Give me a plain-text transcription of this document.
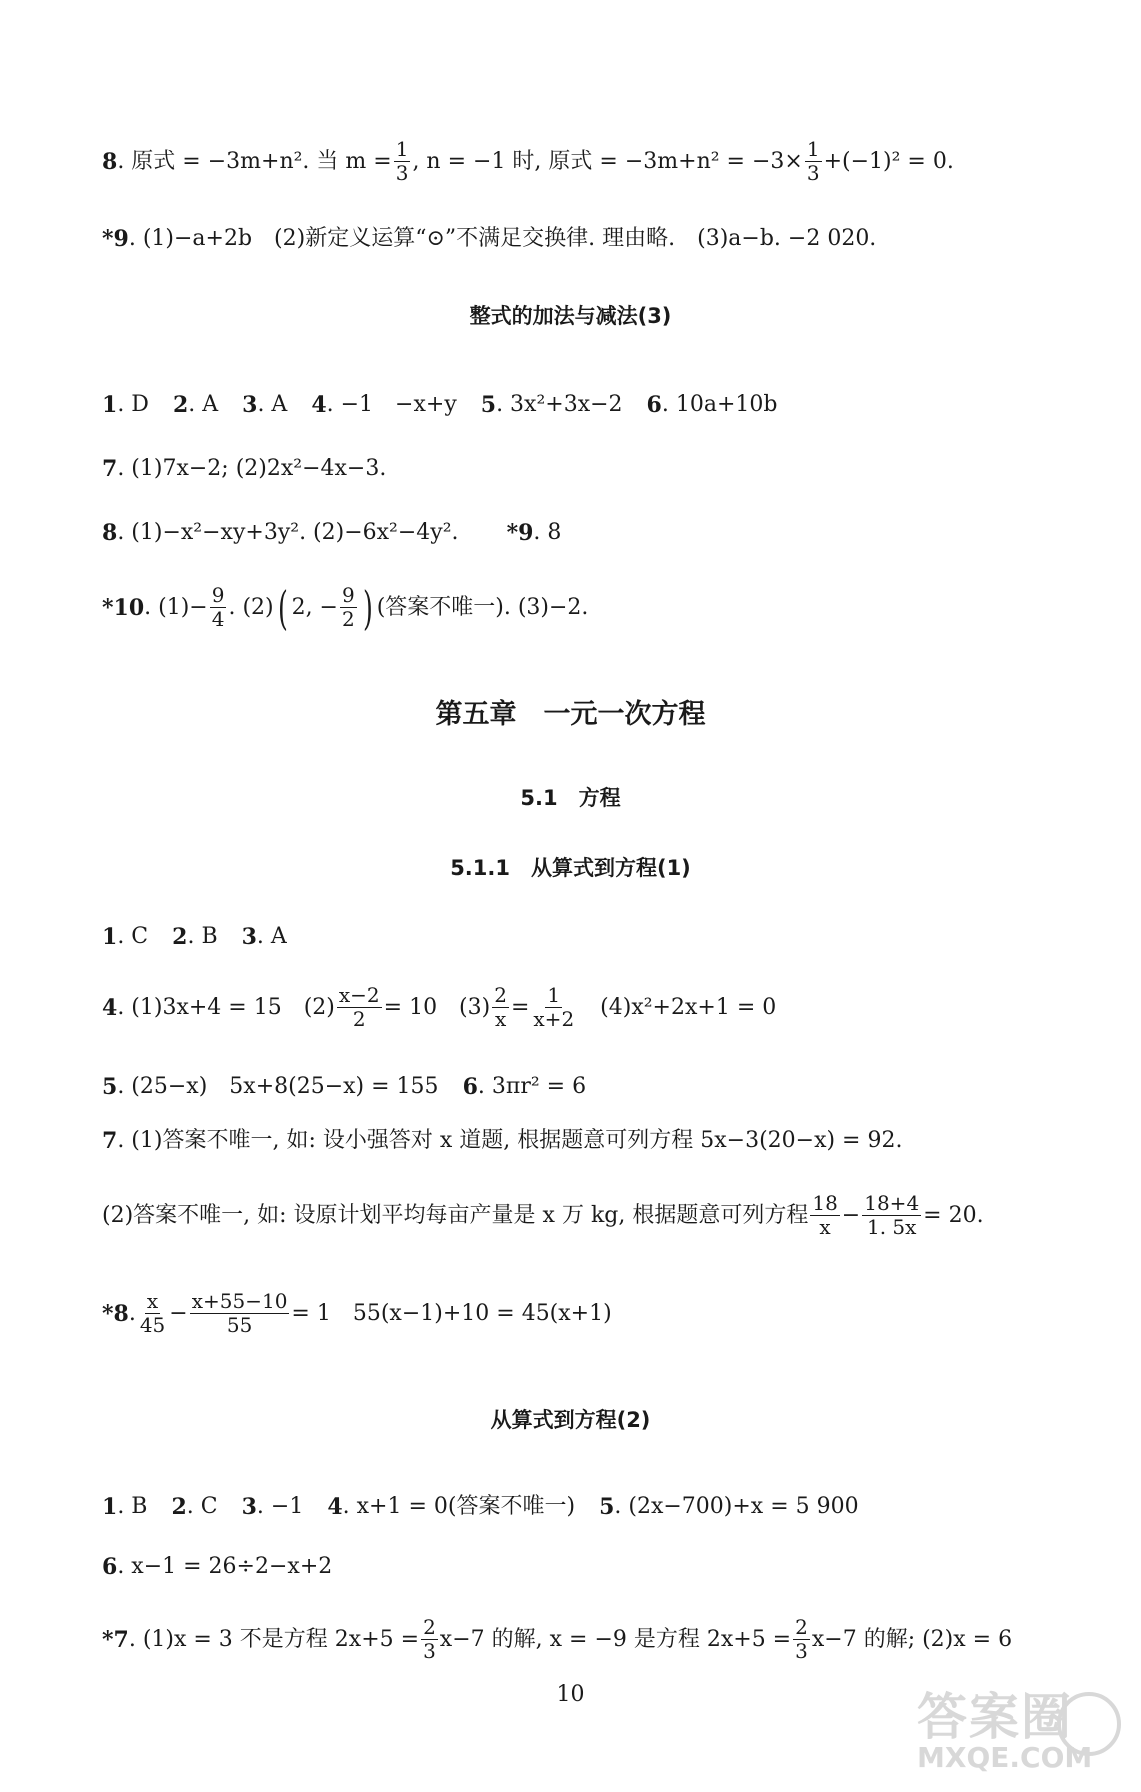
8 . 原式 = −3m+n². 当 $m = \frac{1}{3}$ , n = −1 时, 原式 = $-3m+n^2 = -3\times \frac{1}{3} +(-1)^2 = 0$.
* 9 . (1)−a+2b　(2)新定义运算“⊙”不满足交换律. 理由略.　(3)a−b. −2 020.
整式的加法与减法(3)
1 . D 2 . A 3 . A 4 . −1　−x+y 5 . 3x²+3x−2 6 . 10a+10b
7 . (1)7x−2; (2)2x²−4x−3.
8 . (1)−x²−xy+3y². (2)−6x²−4y². * 9 . 8
* 10 . $(1)- \frac{9}{4}$ . (2) ( 2, − $\frac{9}{2}$ ) (答案不唯一). (3)−2.
第五章　一元一次方程
5.1　方程
5.1.1　从算式到方程(1)
1 . C 2 . B 3 . A
4 . (1)3x+4 = 15　$(2) \frac{x-2}{2} = 10$　$(3) \frac{2}{x} = \frac{1}{x+2}$ 　(4)x²+2x+1 = 0
5 . (25−x)　5x+8(25−x) = 155 6 . 3πr² = 6
7 . (1)答案不唯一, 如: 设小强答对 x 道题, 根据题意可列方程 5x−3(20−x) = 92.
(2)答案不唯一, 如: 设原计划平均每亩产量是 x 万 kg, 根据题意可列方程 $\frac{18}{x} - \frac{18+4}{1. 5x} = 20$.
* 8 . $\frac{x}{45} - \frac{x+55-10}{55} = 1$　55(x−1)+10 = 45(x+1)
从算式到方程(2)
1 . B 2 . C 3 . −1 4 . x+1 = 0(答案不唯一) 5 . (2x−700)+x = 5 900
6 . x−1 = 26÷2−x+2
* 7 . (1)x = 3 不是方程 $2x+5 = \frac{2}{3} x-7$ 的解, x = −9 是方程 $2x+5 = \frac{2}{3} x-7$ 的解; (2)x = 6
10	答案圈
MXQE.COM
